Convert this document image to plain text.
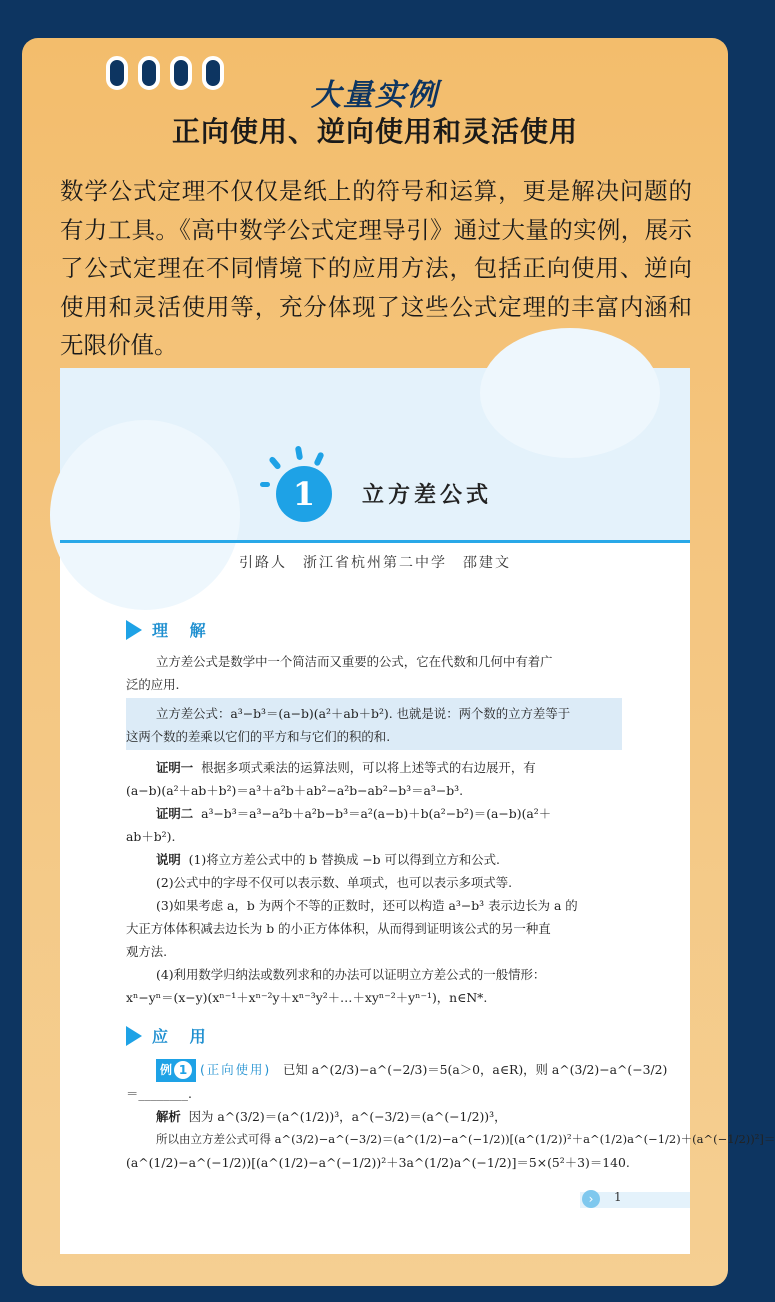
大量实例
正向使用、逆向使用和灵活使用
数学公式定理不仅仅是纸上的符号和运算，更是解决问题的有力工具。《高中数学公式定理导引》通过大量的实例，展示了公式定理在不同情境下的应用方法，包括正向使用、逆向使用和灵活使用等，充分体现了这些公式定理的丰富内涵和无限价值。
1	立方差公式
引路人　浙江省杭州第二中学　邵建文
理 解
立方差公式是数学中一个简洁而又重要的公式，它在代数和几何中有着广
泛的应用.
立方差公式：a³−b³＝(a−b)(a²＋ab＋b²). 也就是说：两个数的立方差等于
这两个数的差乘以它们的平方和与它们的积的和.
证明一 根据多项式乘法的运算法则，可以将上述等式的右边展开，有
(a−b)(a²＋ab＋b²)＝a³＋a²b＋ab²−a²b−ab²−b³＝a³−b³.
证明二 a³−b³＝a³−a²b＋a²b−b³＝a²(a−b)＋b(a²−b²)＝(a−b)(a²＋
ab＋b²).
说明 (1)将立方差公式中的 b 替换成 −b 可以得到立方和公式.
(2)公式中的字母不仅可以表示数、单项式，也可以表示多项式等.
(3)如果考虑 a，b 为两个不等的正数时，还可以构造 a³−b³ 表示边长为 a 的
大正方体体积减去边长为 b 的小正方体体积，从而得到证明该公式的另一种直
观方法.
(4)利用数学归纳法或数列求和的办法可以证明立方差公式的一般情形：
xⁿ−yⁿ＝(x−y)(xⁿ⁻¹＋xⁿ⁻²y＋xⁿ⁻³y²＋…＋xyⁿ⁻²＋yⁿ⁻¹)，n∈N*.
应 用
例 1 (正向使用) 已知 a^(2/3)−a^(−2/3)＝5(a＞0，a∈R)，则 a^(3/2)−a^(−3/2)
＝________.
解析 因为 a^(3/2)＝(a^(1/2))³，a^(−3/2)＝(a^(−1/2))³，
所以由立方差公式可得 a^(3/2)−a^(−3/2)＝(a^(1/2)−a^(−1/2))[(a^(1/2))²＋a^(1/2)a^(−1/2)＋(a^(−1/2))²]＝
(a^(1/2)−a^(−1/2))[(a^(1/2)−a^(−1/2))²＋3a^(1/2)a^(−1/2)]＝5×(5²＋3)＝140.
›	1
